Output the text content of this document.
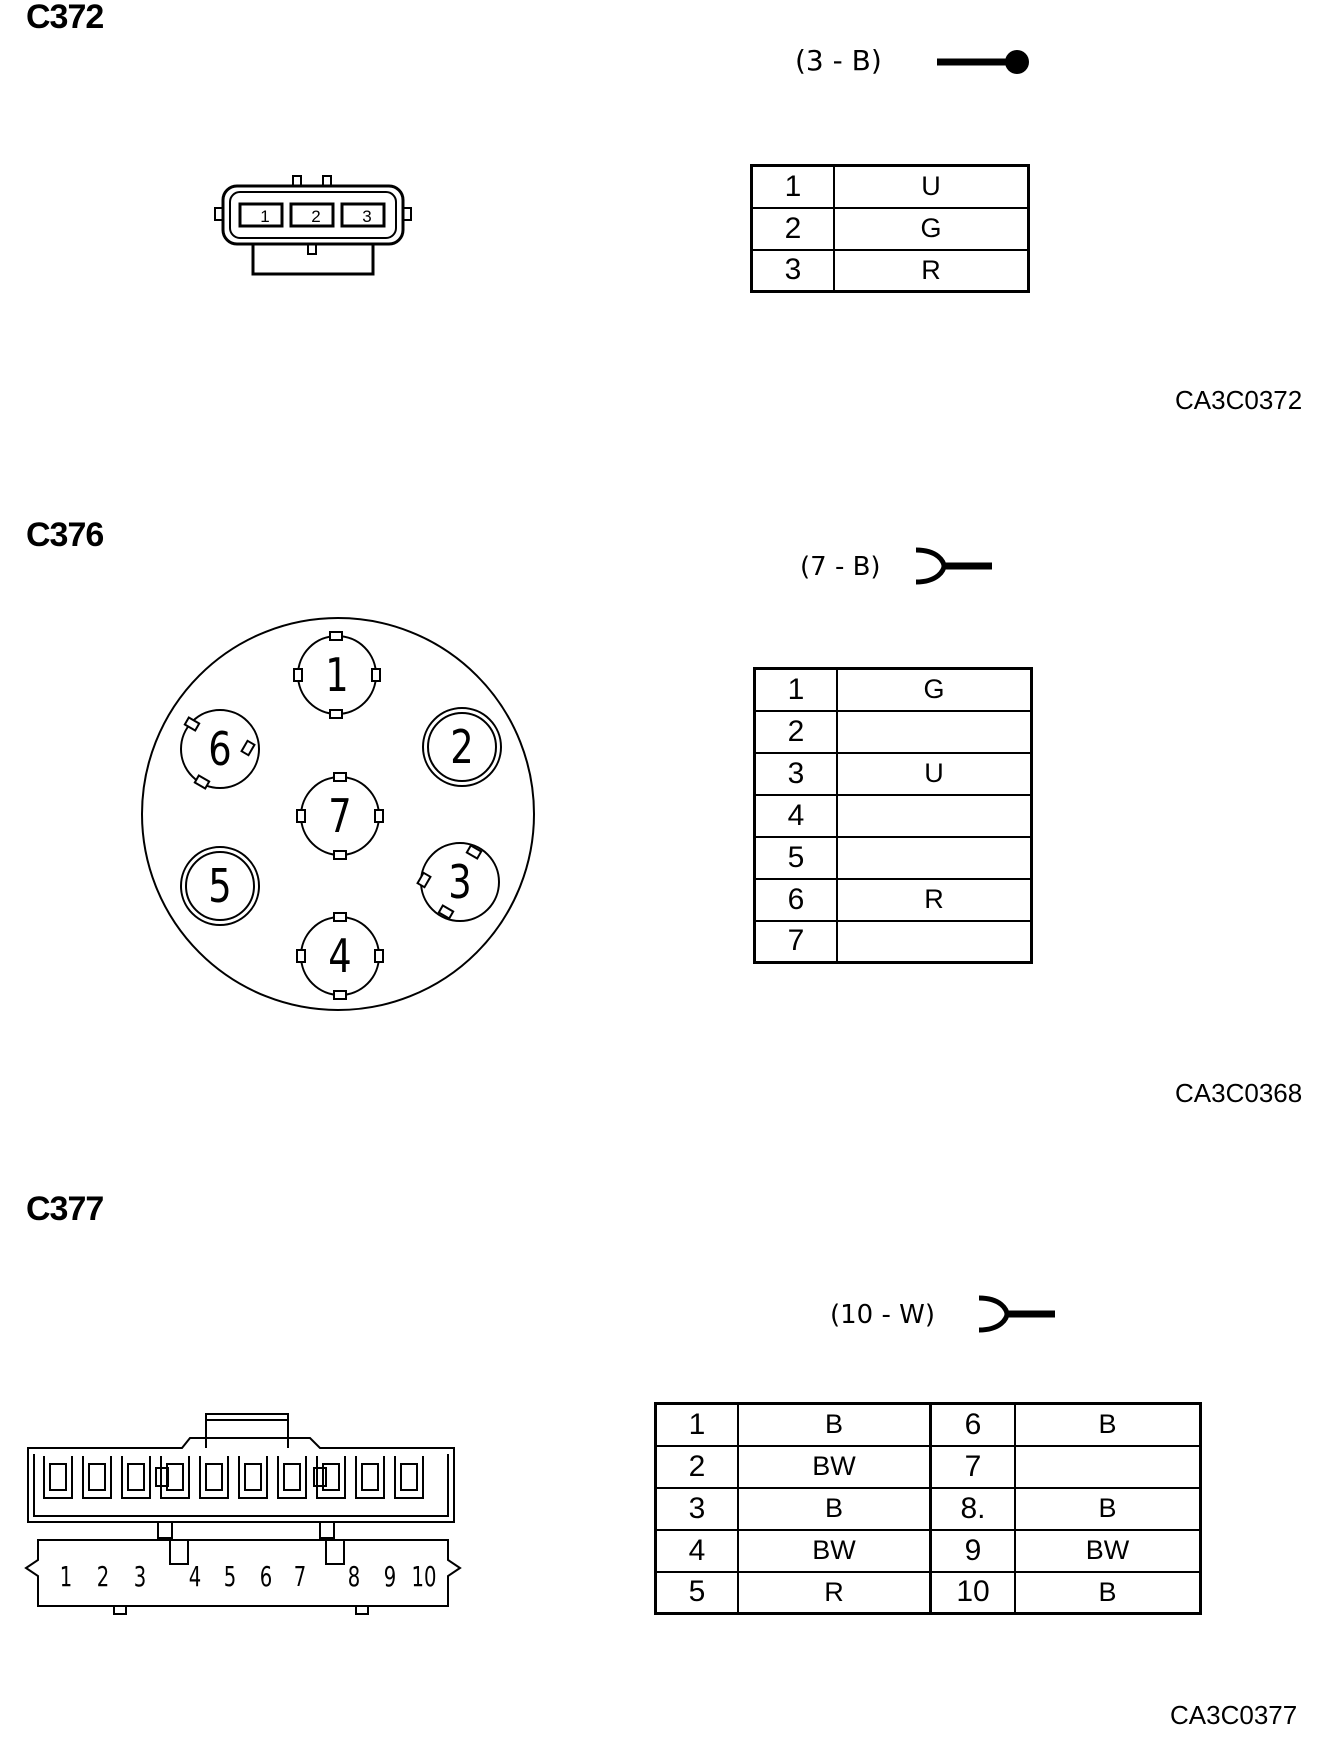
C372
(3 - B)
1 2 3
1	U
2	G
3	R
CA3C0372
C376
(7 - B)
1
2
3
4
5
6
7
1	G
2	
3	U
4	
5	
6	R
7	
CA3C0368
C377
(10 - W)
1 2 3 4 5 6 7 8 9 10
1	B	6	B
2	BW	7	
3	B	8.	B
4	BW	9	BW
5	R	10	B
CA3C0377
